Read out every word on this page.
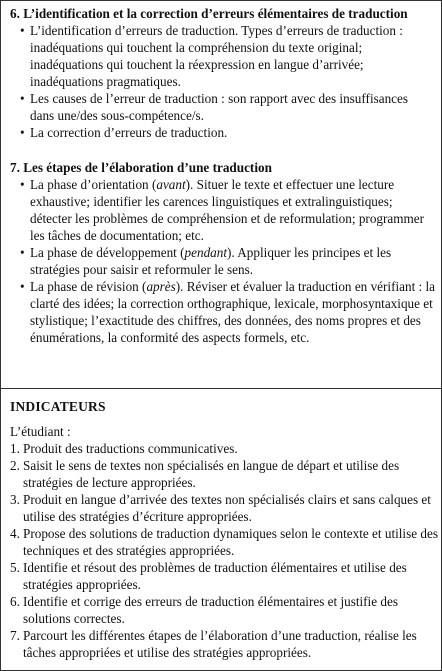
6. L’identification et la correction d’erreurs élémentaires de traduction

• L’identification d’erreurs de traduction. Types d’erreurs de traduction : inadéquations qui touchent la compréhension du texte original; inadéquations qui touchent la réexpression en langue d’arrivée; inadéquations pragmatiques.
• Les causes de l’erreur de traduction : son rapport avec des insuffisances dans une/des sous-compétence/s.
• La correction d’erreurs de traduction.

7. Les étapes de l’élaboration d’une traduction

• La phase d’orientation (avant). Situer le texte et effectuer une lecture exhaustive; identifier les carences linguistiques et extralinguistiques; détecter les problèmes de compréhension et de reformulation; programmer les tâches de documentation; etc.
• La phase de développement (pendant). Appliquer les principes et les stratégies pour saisir et reformuler le sens.
• La phase de révision (après). Réviser et évaluer la traduction en vérifiant : la clarté des idées; la correction orthographique, lexicale, morphosyntaxique et stylistique; l’exactitude des chiffres, des données, des noms propres et des énumérations, la conformité des aspects formels, etc.
INDICATEURS
L’étudiant :
1. Produit des traductions communicatives.
2. Saisit le sens de textes non spécialisés en langue de départ et utilise des stratégies de lecture appropriées.
3. Produit en langue d’arrivée des textes non spécialisés clairs et sans calques et utilise des stratégies d’écriture appropriées.
4. Propose des solutions de traduction dynamiques selon le contexte et utilise des techniques et des stratégies appropriées.
5. Identifie et résout des problèmes de traduction élémentaires et utilise des stratégies appropriées.
6. Identifie et corrige des erreurs de traduction élémentaires et justifie des solutions correctes.
7. Parcourt les différentes étapes de l’élaboration d’une traduction, réalise les tâches appropriées et utilise des stratégies appropriées.
